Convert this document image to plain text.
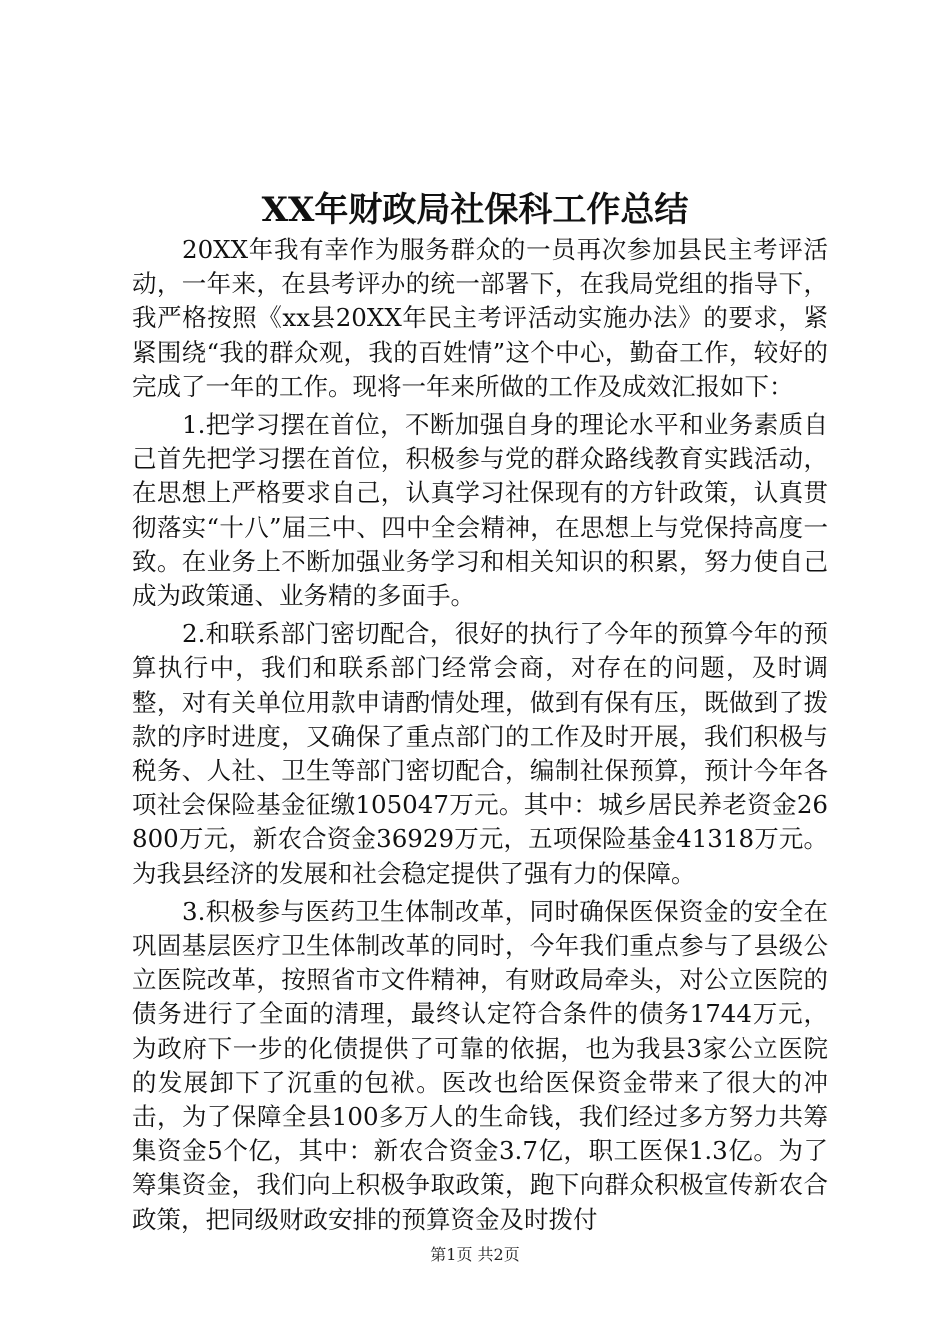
XX年财政局社保科工作总结

20XX年我有幸作为服务群众的一员再次参加县民主考评活动，一年来，在县考评办的统一部署下，在我局党组的指导下，我严格按照《xx县20XX年民主考评活动实施办法》的要求，紧紧围绕“我的群众观，我的百姓情”这个中心，勤奋工作，较好的完成了一年的工作。现将一年来所做的工作及成效汇报如下：

1.把学习摆在首位，不断加强自身的理论水平和业务素质自己首先把学习摆在首位，积极参与党的群众路线教育实践活动，在思想上严格要求自己，认真学习社保现有的方针政策，认真贯彻落实“十八”届三中、四中全会精神，在思想上与党保持高度一致。在业务上不断加强业务学习和相关知识的积累，努力使自己成为政策通、业务精的多面手。

2.和联系部门密切配合，很好的执行了今年的预算今年的预算执行中，我们和联系部门经常会商，对存在的问题，及时调整，对有关单位用款申请酌情处理，做到有保有压，既做到了拨款的序时进度，又确保了重点部门的工作及时开展，我们积极与税务、人社、卫生等部门密切配合，编制社保预算，预计今年各项社会保险基金征缴105047万元。其中：城乡居民养老资金26800万元，新农合资金36929万元，五项保险基金41318万元。为我县经济的发展和社会稳定提供了强有力的保障。

3.积极参与医药卫生体制改革，同时确保医保资金的安全在巩固基层医疗卫生体制改革的同时，今年我们重点参与了县级公立医院改革，按照省市文件精神，有财政局牵头，对公立医院的债务进行了全面的清理，最终认定符合条件的债务1744万元，为政府下一步的化债提供了可靠的依据，也为我县3家公立医院的发展卸下了沉重的包袱。医改也给医保资金带来了很大的冲击，为了保障全县100多万人的生命钱，我们经过多方努力共筹集资金5个亿，其中：新农合资金3.7亿，职工医保1.3亿。为了筹集资金，我们向上积极争取政策，跑下向群众积极宣传新农合政策，把同级财政安排的预算资金及时拨付

第1页 共2页
